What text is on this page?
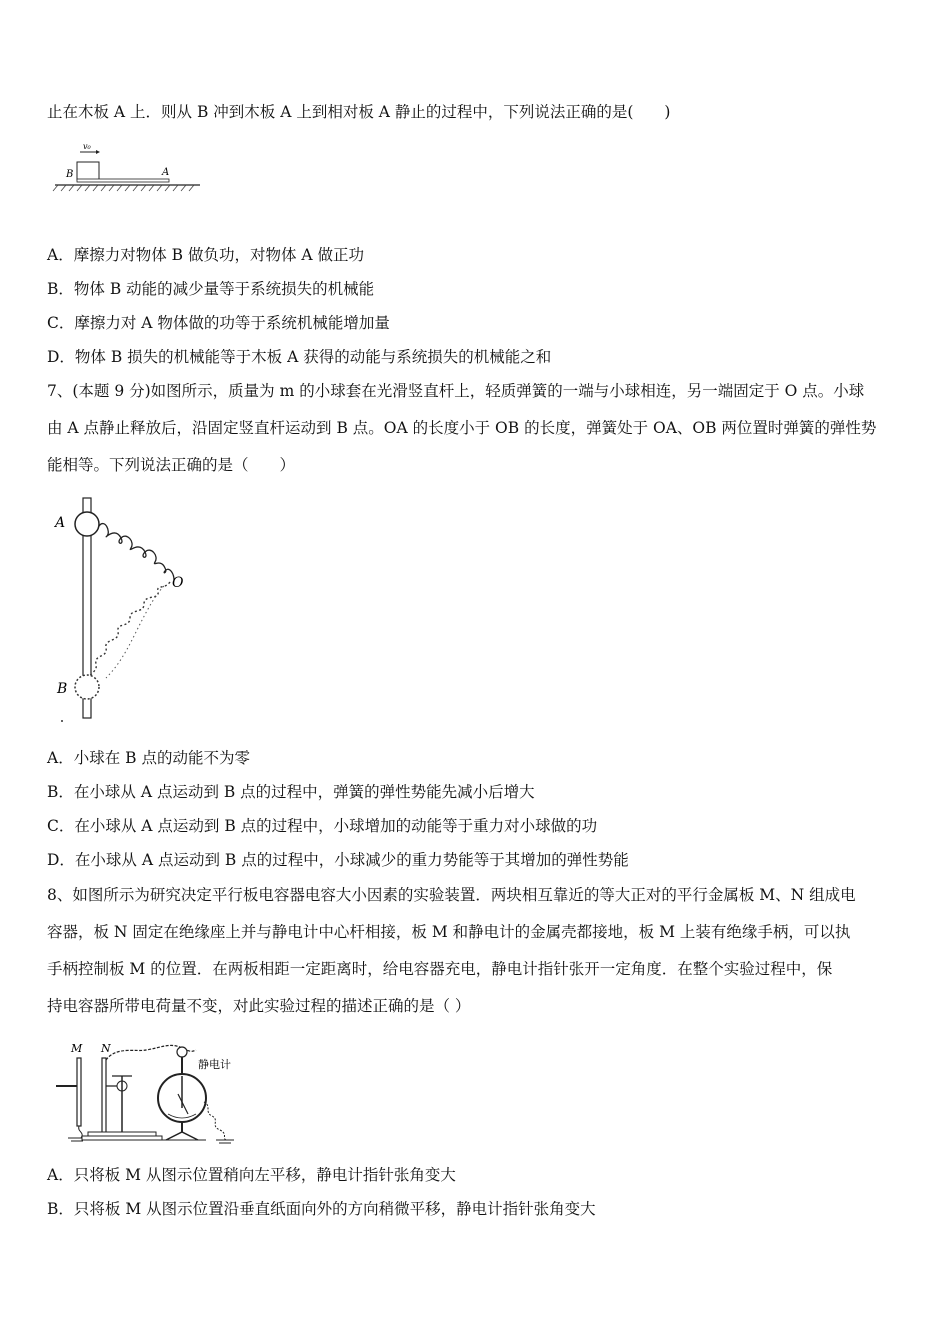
止在木板 A 上．则从 B 冲到木板 A 上到相对板 A 静止的过程中，下列说法正确的是(　　)
v₀
B	A
A．摩擦力对物体 B 做负功，对物体 A 做正功
B．物体 B 动能的减少量等于系统损失的机械能
C．摩擦力对 A 物体做的功等于系统机械能增加量
D．物体 B 损失的机械能等于木板 A 获得的动能与系统损失的机械能之和
7、(本题 9 分)如图所示，质量为 m 的小球套在光滑竖直杆上，轻质弹簧的一端与小球相连，另一端固定于 O 点。小球
由 A 点静止释放后，沿固定竖直杆运动到 B 点。OA 的长度小于 OB 的长度，弹簧处于 OA、OB 两位置时弹簧的弹性势
能相等。下列说法正确的是（　　）
A
O
B
A．小球在 B 点的动能不为零
B．在小球从 A 点运动到 B 点的过程中，弹簧的弹性势能先减小后增大
C．在小球从 A 点运动到 B 点的过程中，小球增加的动能等于重力对小球做的功
D．在小球从 A 点运动到 B 点的过程中，小球减少的重力势能等于其增加的弹性势能
8、如图所示为研究决定平行板电容器电容大小因素的实验装置．两块相互靠近的等大正对的平行金属板 M、N 组成电
容器，板 N 固定在绝缘座上并与静电计中心杆相接，板 M 和静电计的金属壳都接地，板 M 上装有绝缘手柄，可以执
手柄控制板 M 的位置．在两板相距一定距离时，给电容器充电，静电计指针张开一定角度．在整个实验过程中，保
持电容器所带电荷量不变，对此实验过程的描述正确的是（ ）
M N
静电计
A．只将板 M 从图示位置稍向左平移，静电计指针张角变大
B．只将板 M 从图示位置沿垂直纸面向外的方向稍微平移，静电计指针张角变大
